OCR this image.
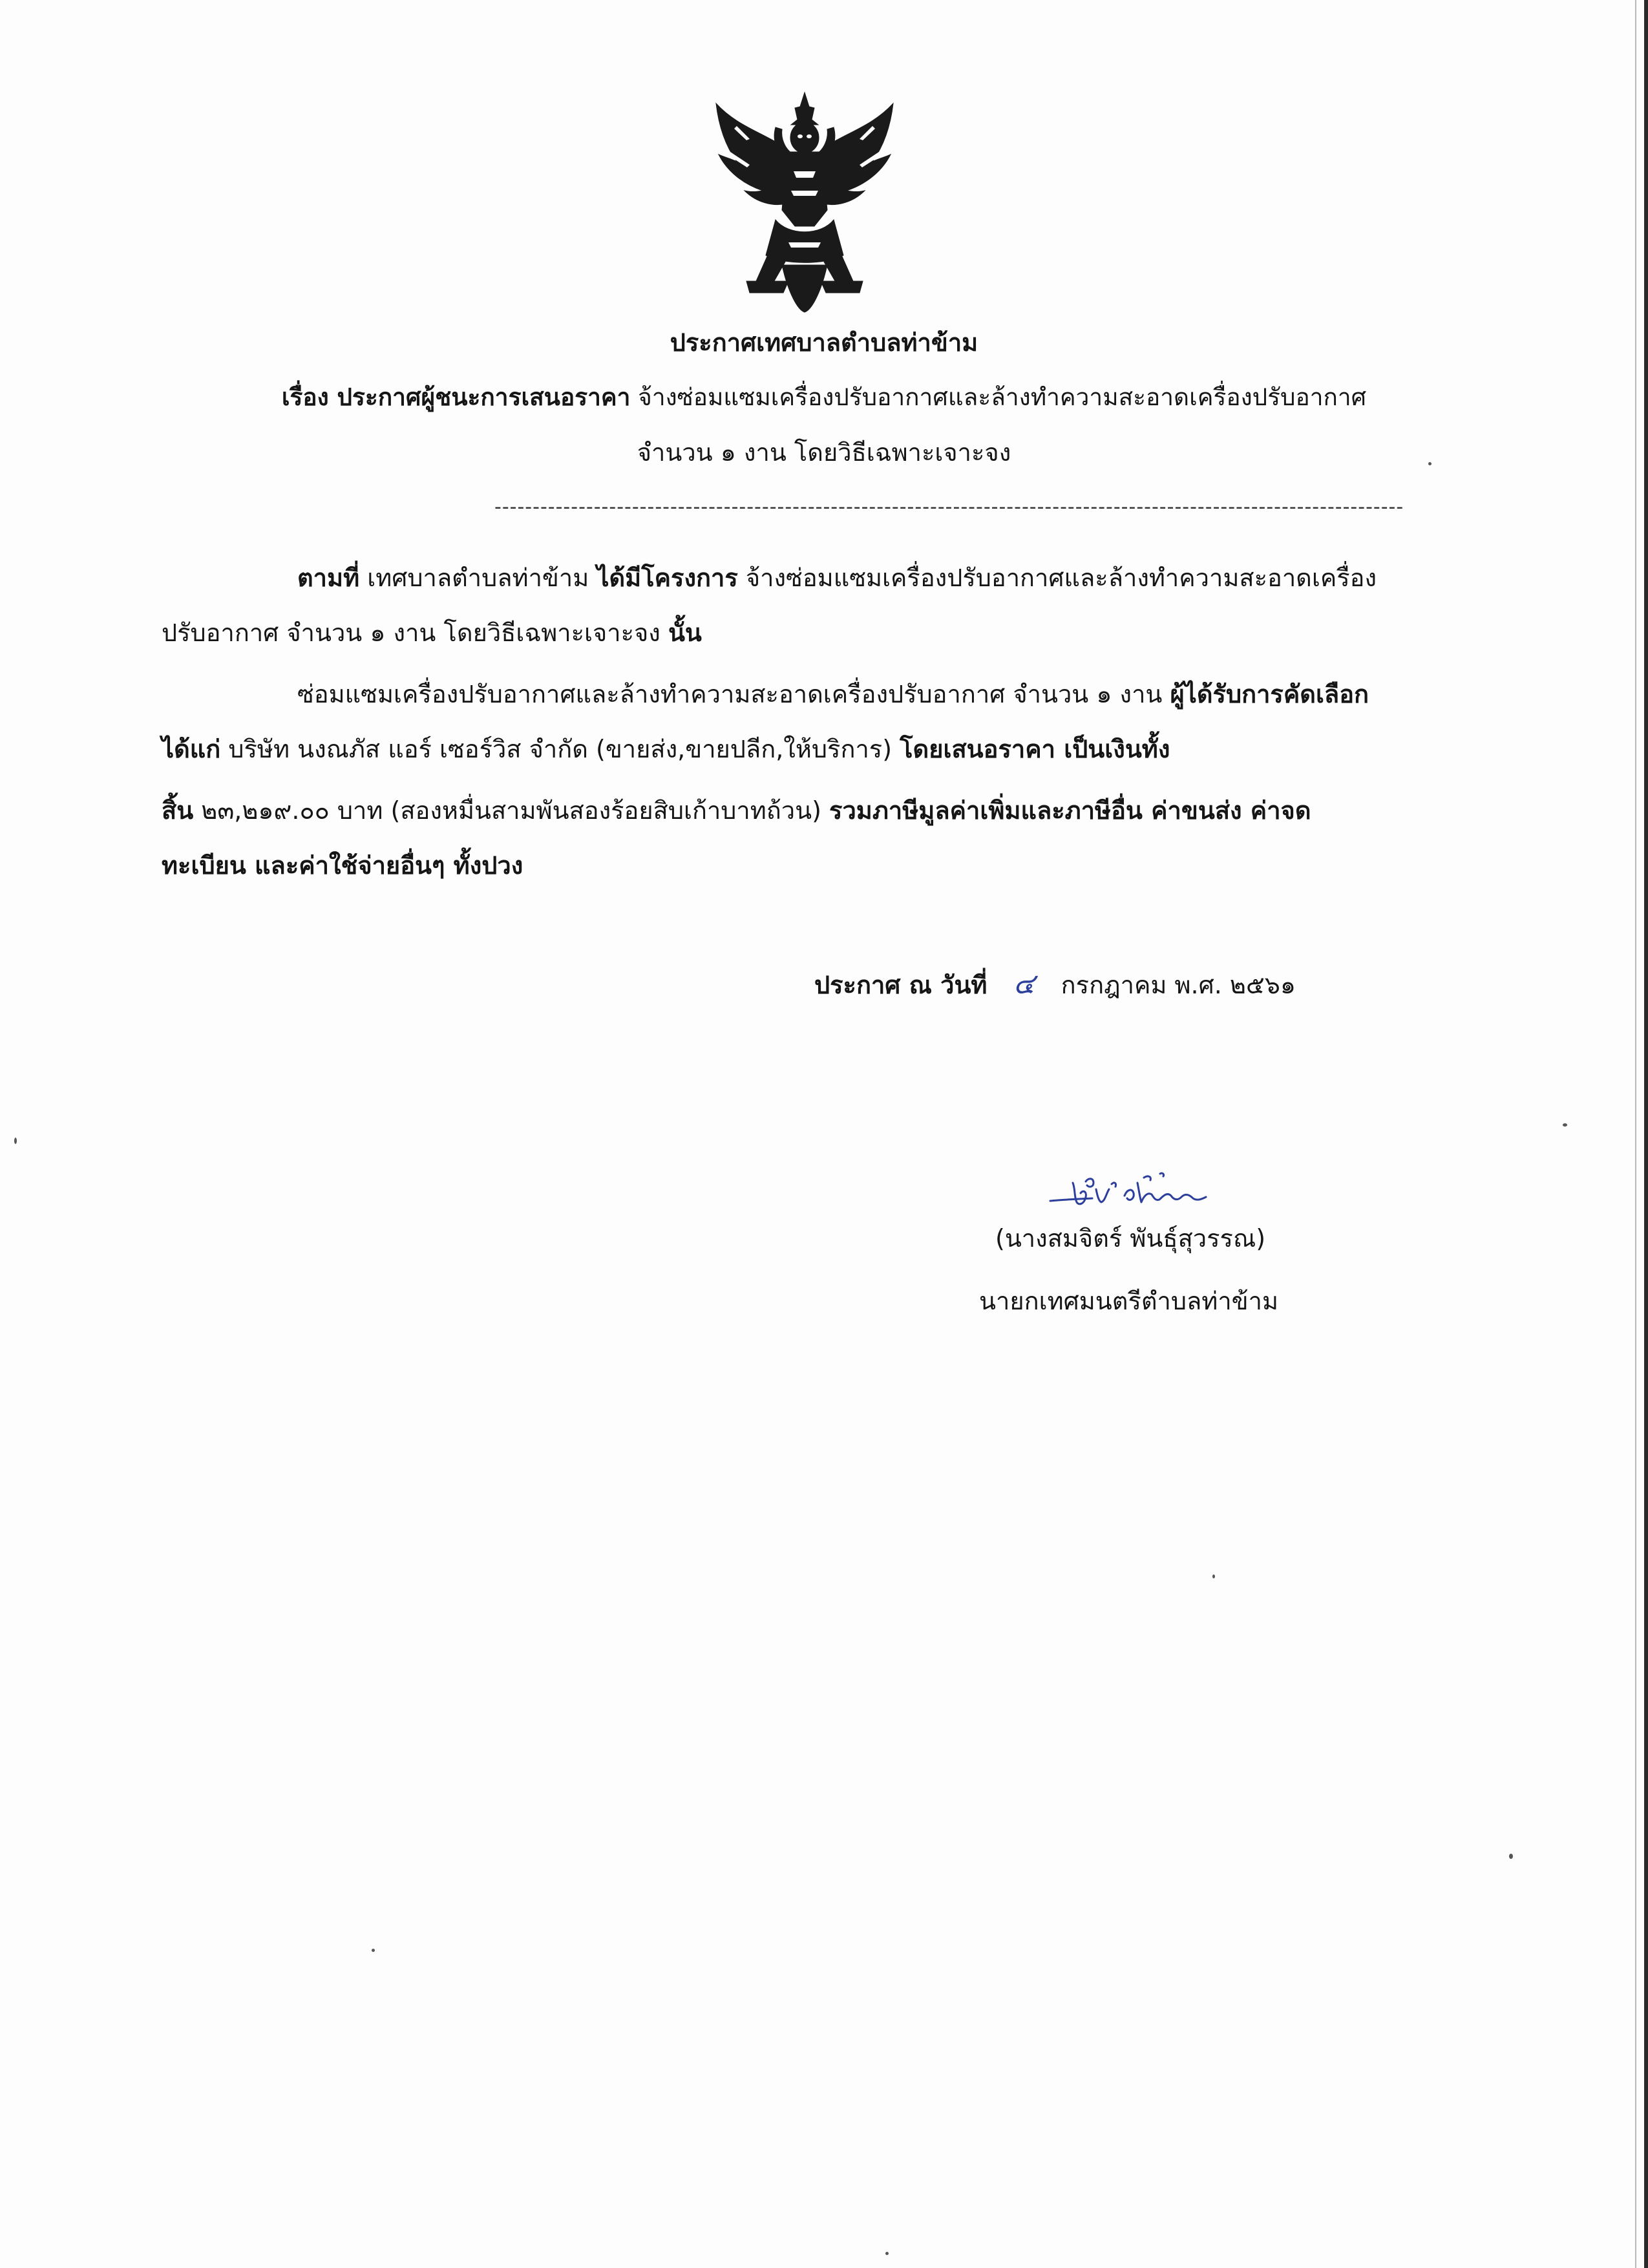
ประกาศเทศบาลตำบลท่าข้าม
เรื่อง ประกาศผู้ชนะการเสนอราคา จ้างซ่อมแซมเครื่องปรับอากาศและล้างทำความสะอาดเครื่องปรับอากาศ
จำนวน ๑ งาน โดยวิธีเฉพาะเจาะจง
-----------------------------------------------------------------------------------------------------------------------
ตามที่ เทศบาลตำบลท่าข้าม ได้มีโครงการ จ้างซ่อมแซมเครื่องปรับอากาศและล้างทำความสะอาดเครื่อง
ปรับอากาศ จำนวน ๑ งาน โดยวิธีเฉพาะเจาะจง นั้น
ซ่อมแซมเครื่องปรับอากาศและล้างทำความสะอาดเครื่องปรับอากาศ จำนวน ๑ งาน ผู้ได้รับการคัดเลือก
ได้แก่ บริษัท นงณภัส แอร์ เซอร์วิส จำกัด (ขายส่ง,ขายปลีก,ให้บริการ) โดยเสนอราคา เป็นเงินทั้ง
สิ้น ๒๓,๒๑๙.๐๐ บาท (สองหมื่นสามพันสองร้อยสิบเก้าบาทถ้วน) รวมภาษีมูลค่าเพิ่มและภาษีอื่น ค่าขนส่ง ค่าจด
ทะเบียน และค่าใช้จ่ายอื่นๆ ทั้งปวง
ประกาศ ณ วันที่ ๔ กรกฎาคม พ.ศ. ๒๕๖๑
(นางสมจิตร์ พันธุ์สุวรรณ)
นายกเทศมนตรีตำบลท่าข้าม
